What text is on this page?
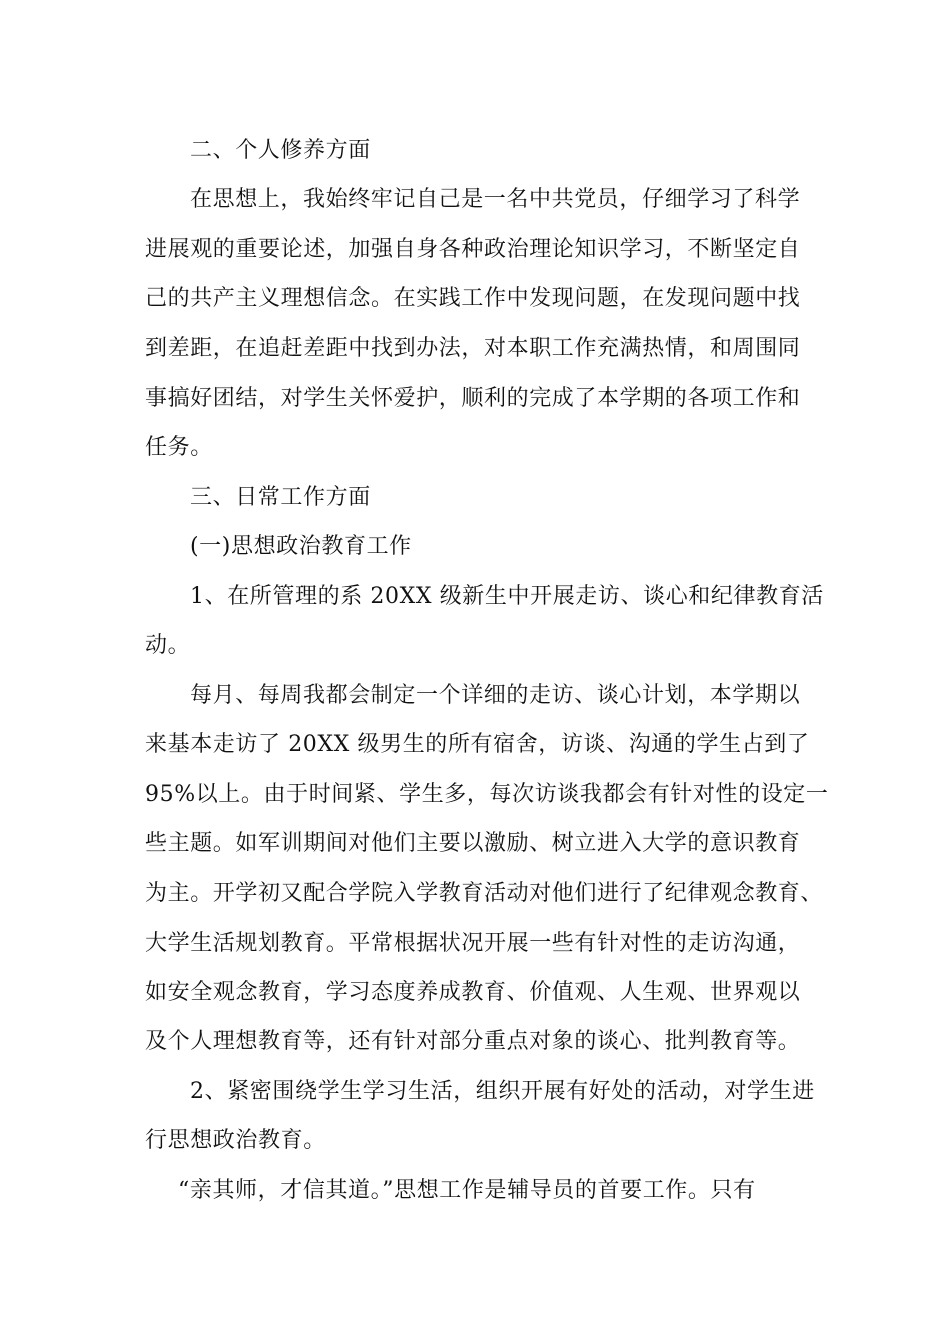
二、个人修养方面
在思想上，我始终牢记自己是一名中共党员，仔细学习了科学
进展观的重要论述，加强自身各种政治理论知识学习，不断坚定自
己的共产主义理想信念。在实践工作中发现问题，在发现问题中找
到差距，在追赶差距中找到办法，对本职工作充满热情，和周围同
事搞好团结，对学生关怀爱护，顺利的完成了本学期的各项工作和
任务。
三、日常工作方面
(一)思想政治教育工作
1、在所管理的系 20XX 级新生中开展走访、谈心和纪律教育活
动。
每月、每周我都会制定一个详细的走访、谈心计划，本学期以
来基本走访了 20XX 级男生的所有宿舍，访谈、沟通的学生占到了
95%以上。由于时间紧、学生多，每次访谈我都会有针对性的设定一
些主题。如军训期间对他们主要以激励、树立进入大学的意识教育
为主。开学初又配合学院入学教育活动对他们进行了纪律观念教育、
大学生活规划教育。平常根据状况开展一些有针对性的走访沟通，
如安全观念教育，学习态度养成教育、价值观、人生观、世界观以
及个人理想教育等，还有针对部分重点对象的谈心、批判教育等。
2、紧密围绕学生学习生活，组织开展有好处的活动，对学生进
行思想政治教育。
“亲其师，才信其道。”思想工作是辅导员的首要工作。只有
